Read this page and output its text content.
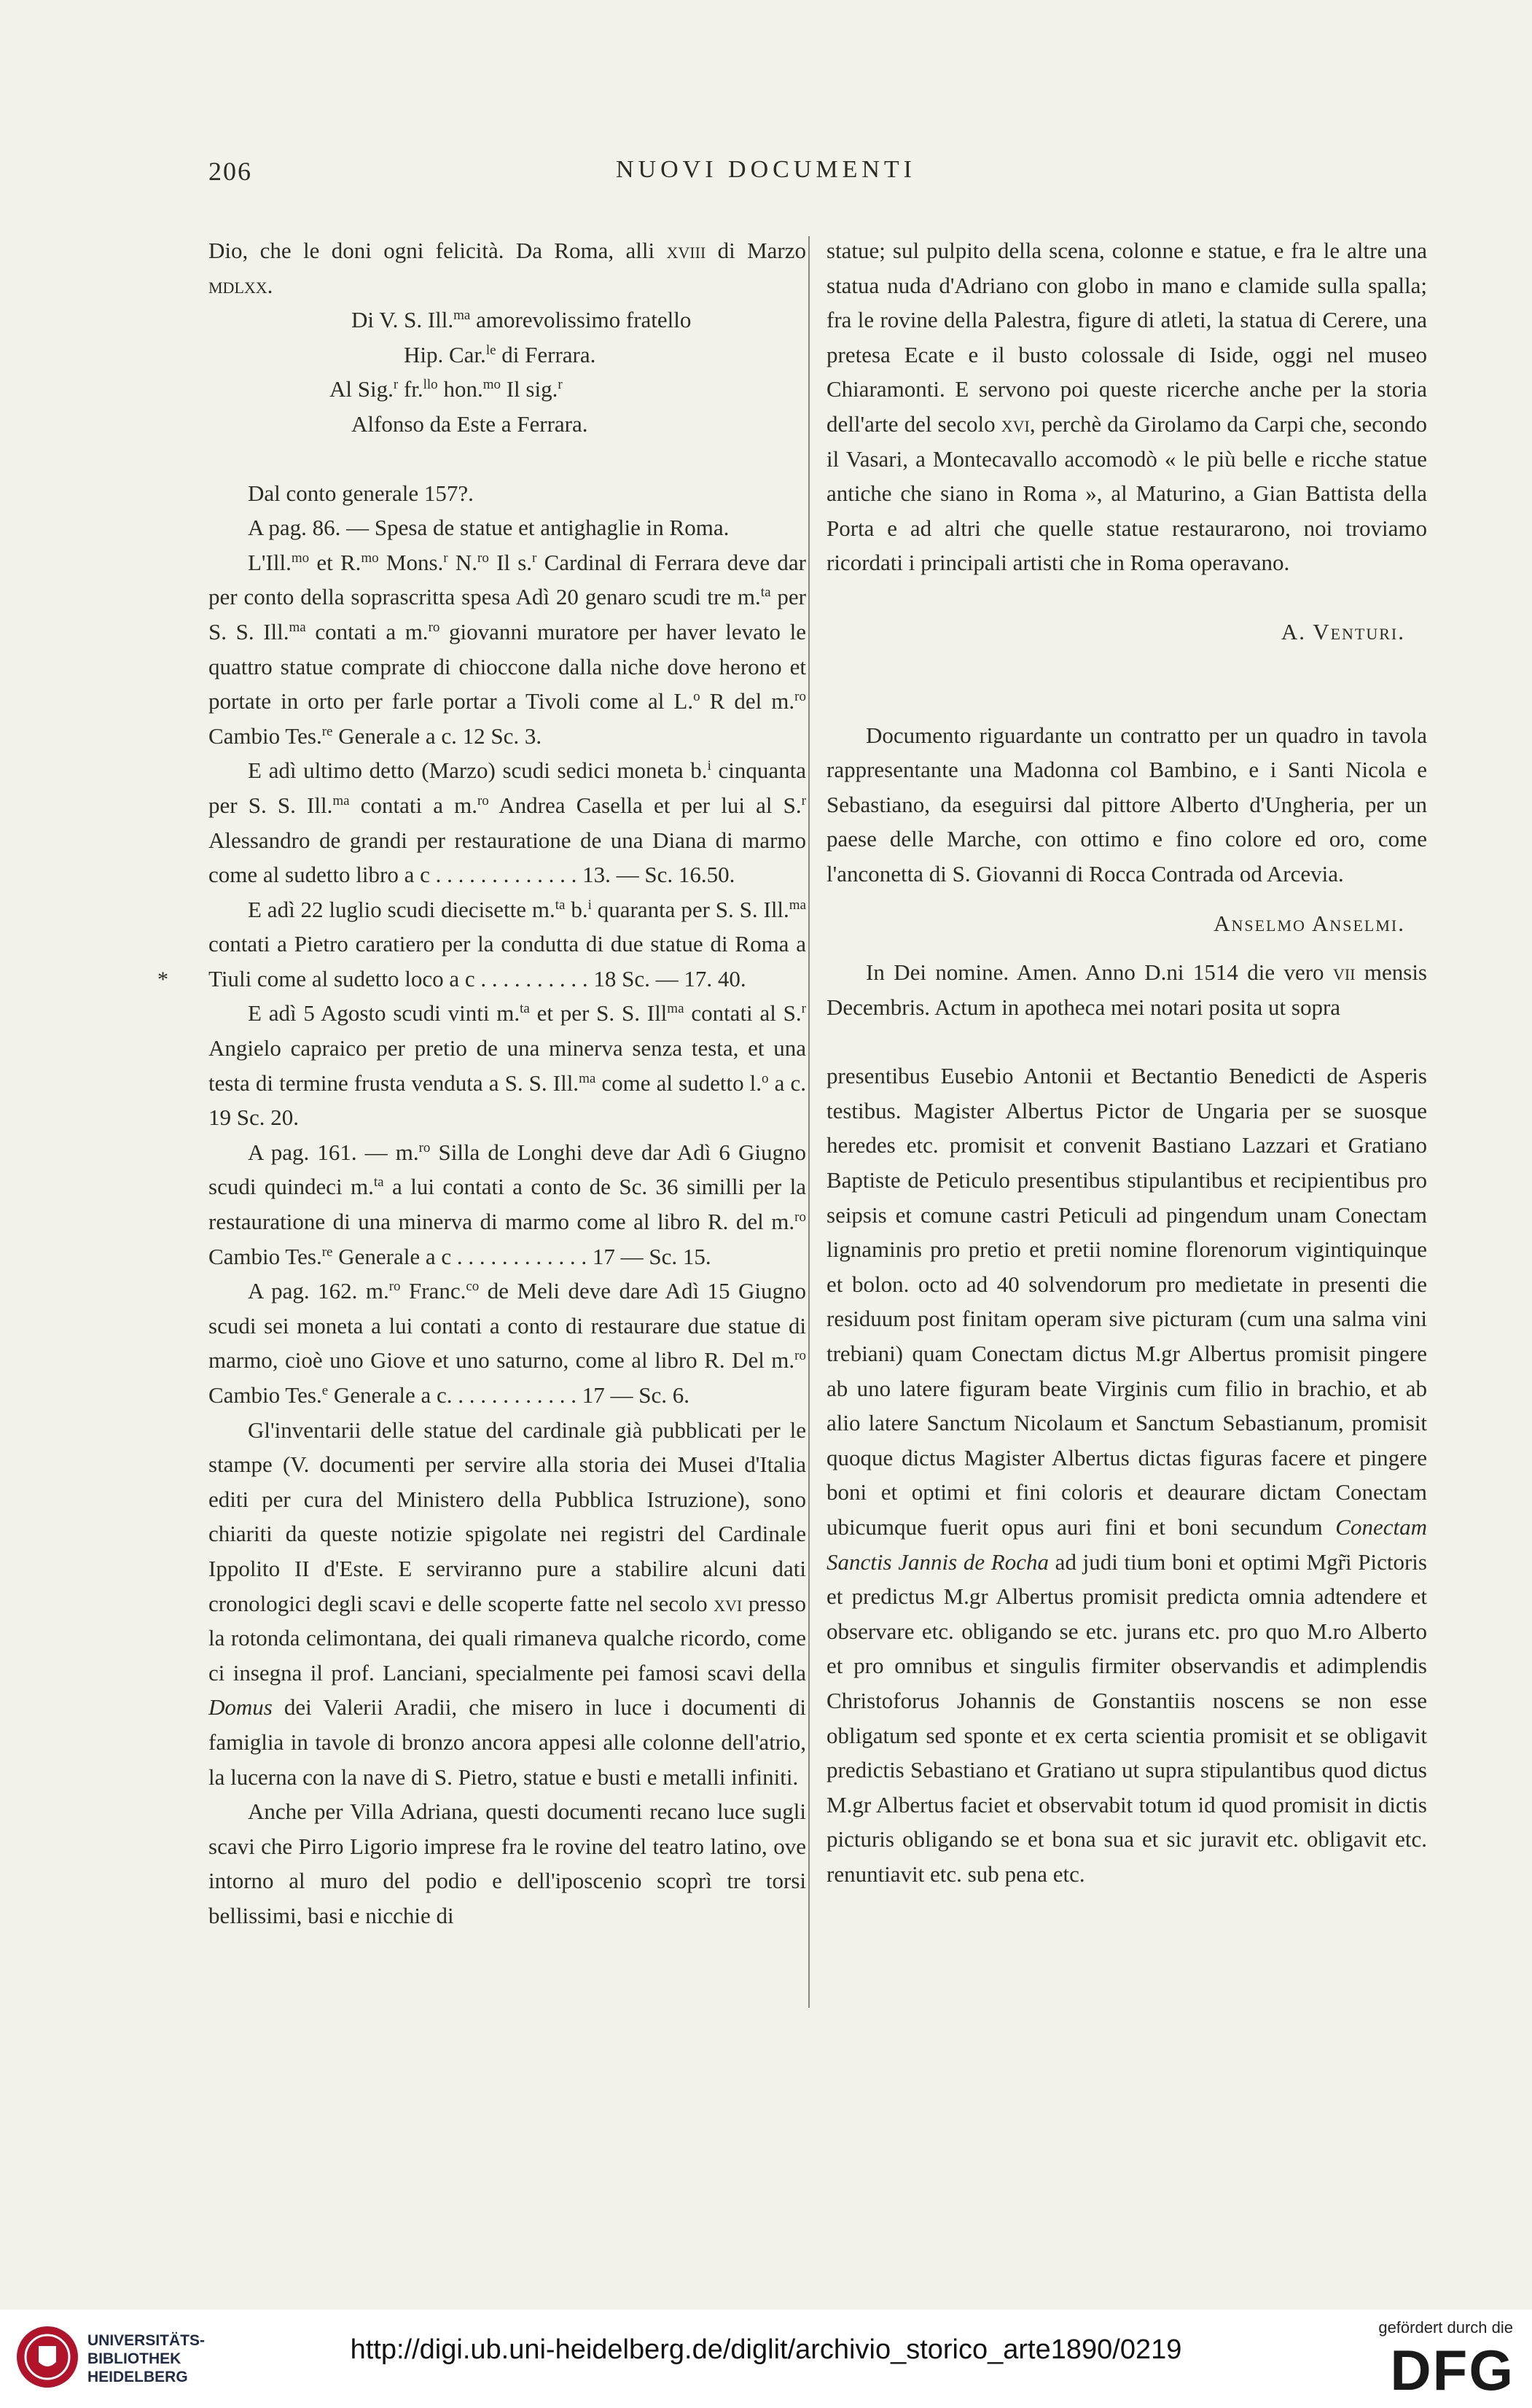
206	NUOVI DOCUMENTI
*

Dio, che le doni ogni felicità. Da Roma, alli xviii di Marzo mdlxx.

Di V. S. Ill.$^{ma}$ amorevolissimo fratello

Hip. Car.$^{le}$ di Ferrara.

Al Sig.$^r$ fr.$^{llo}$ hon.$^{mo}$ Il sig.$^r$

Alfonso da Este a Ferrara.

Dal conto generale 157?.

A pag. 86. — Spesa de statue et antighaglie in Roma.

L'Ill.$^{mo}$ et R.$^{mo}$ Mons.$^r$ N.$^{ro}$ Il s.$^r$ Cardinal di Ferrara deve dar per conto della soprascritta spesa Adì 20 genaro scudi tre m.$^{ta}$ per S. S. Ill.$^{ma}$ contati a m.$^{ro}$ giovanni muratore per haver levato le quattro statue comprate di chioccone dalla niche dove herono et portate in orto per farle portar a Tivoli come al L.$^o$ R del m.$^{ro}$ Cambio Tes.$^{re}$ Generale a c. 12 Sc. 3.

E adì ultimo detto (Marzo) scudi sedici moneta b.$^i$ cinquanta per S. S. Ill.$^{ma}$ contati a m.$^{ro}$ Andrea Casella et per lui al S.$^r$ Alessandro de grandi per restauratione de una Diana di marmo come al sudetto libro a c . . . . . . . . . . . . . 13. — Sc. 16.50.

E adì 22 luglio scudi diecisette m.$^{ta}$ b.$^i$ quaranta per S. S. Ill.$^{ma}$ contati a Pietro caratiero per la condutta di due statue di Roma a Tiuli come al sudetto loco a c . . . . . . . . . . 18 Sc. — 17. 40.

E adì 5 Agosto scudi vinti m.$^{ta}$ et per S. S. Ill$^{ma}$ contati al S.$^r$ Angielo capraico per pretio de una minerva senza testa, et una testa di termine frusta venduta a S. S. Ill.$^{ma}$ come al sudetto l.$^o$ a c. 19 Sc. 20.

A pag. 161. — m.$^{ro}$ Silla de Longhi deve dar Adì 6 Giugno scudi quindeci m.$^{ta}$ a lui contati a conto de Sc. 36 similli per la restauratione di una minerva di marmo come al libro R. del m.$^{ro}$ Cambio Tes.$^{re}$ Generale a c . . . . . . . . . . . . 17 — Sc. 15.

A pag. 162. m.$^{ro}$ Franc.$^{co}$ de Meli deve dare Adì 15 Giugno scudi sei moneta a lui contati a conto di restaurare due statue di marmo, cioè uno Giove et uno saturno, come al libro R. Del m.$^{ro}$ Cambio Tes.$^e$ Generale a c. . . . . . . . . . . . 17 — Sc. 6.

Gl'inventarii delle statue del cardinale già pubblicati per le stampe (V. documenti per servire alla storia dei Musei d'Italia editi per cura del Ministero della Pubblica Istruzione), sono chiariti da queste notizie spigolate nei registri del Cardinale Ippolito II d'Este. E serviranno pure a stabilire alcuni dati cronologici degli scavi e delle scoperte fatte nel secolo xvi presso la rotonda celimontana, dei quali rimaneva qualche ricordo, come ci insegna il prof. Lanciani, specialmente pei famosi scavi della Domus dei Valerii Aradii, che misero in luce i documenti di famiglia in tavole di bronzo ancora appesi alle colonne dell'atrio, la lucerna con la nave di S. Pietro, statue e busti e metalli infiniti.

Anche per Villa Adriana, questi documenti recano luce sugli scavi che Pirro Ligorio imprese fra le rovine del teatro latino, ove intorno al muro del podio e dell'iposcenio scoprì tre torsi bellissimi, basi e nicchie di

statue; sul pulpito della scena, colonne e statue, e fra le altre una statua nuda d'Adriano con globo in mano e clamide sulla spalla; fra le rovine della Palestra, figure di atleti, la statua di Cerere, una pretesa Ecate e il busto colossale di Iside, oggi nel museo Chiaramonti. E servono poi queste ricerche anche per la storia dell'arte del secolo xvi, perchè da Girolamo da Carpi che, secondo il Vasari, a Montecavallo accomodò « le più belle e ricche statue antiche che siano in Roma », al Maturino, a Gian Battista della Porta e ad altri che quelle statue restaurarono, noi troviamo ricordati i principali artisti che in Roma operavano.

A. Venturi.

Documento riguardante un contratto per un quadro in tavola rappresentante una Madonna col Bambino, e i Santi Nicola e Sebastiano, da eseguirsi dal pittore Alberto d'Ungheria, per un paese delle Marche, con ottimo e fino colore ed oro, come l'anconetta di S. Giovanni di Rocca Contrada od Arcevia.

Anselmo Anselmi.

In Dei nomine. Amen. Anno D.ni 1514 die vero vii mensis Decembris. Actum in apotheca mei notari posita ut sopra

presentibus Eusebio Antonii et Bectantio Benedicti de Asperis testibus. Magister Albertus Pictor de Ungaria per se suosque heredes etc. promisit et convenit Bastiano Lazzari et Gratiano Baptiste de Peticulo presentibus stipulantibus et recipientibus pro seipsis et comune castri Peticuli ad pingendum unam Conectam lignaminis pro pretio et pretii nomine florenorum vigintiquinque et bolon. octo ad 40 solvendorum pro medietate in presenti die residuum post finitam operam sive picturam (cum una salma vini trebiani) quam Conectam dictus M.gr Albertus promisit pingere ab uno latere figuram beate Virginis cum filio in brachio, et ab alio latere Sanctum Nicolaum et Sanctum Sebastianum, promisit quoque dictus Magister Albertus dictas figuras facere et pingere boni et optimi et fini coloris et deaurare dictam Conectam ubicumque fuerit opus auri fini et boni secundum Conectam Sanctis Jannis de Rocha ad judi tium boni et optimi Mgr̃i Pictoris et predictus M.gr Albertus promisit predicta omnia adtendere et observare etc. obligando se etc. jurans etc. pro quo M.ro Alberto et pro omnibus et singulis firmiter observandis et adimplendis Christoforus Johannis de Gonstantiis noscens se non esse obligatum sed sponte et ex certa scientia promisit et se obligavit predictis Sebastiano et Gratiano ut supra stipulantibus quod dictus M.gr Albertus faciet et observabit totum id quod promisit in dictis picturis obligando se et bona sua et sic juravit etc. obligavit etc. renuntiavit etc. sub pena etc.

UNIVERSITÄTS-
BIBLIOTHEK
HEIDELBERG
http://digi.ub.uni-heidelberg.de/diglit/archivio_storico_arte1890/0219
gefördert durch die
DFG
